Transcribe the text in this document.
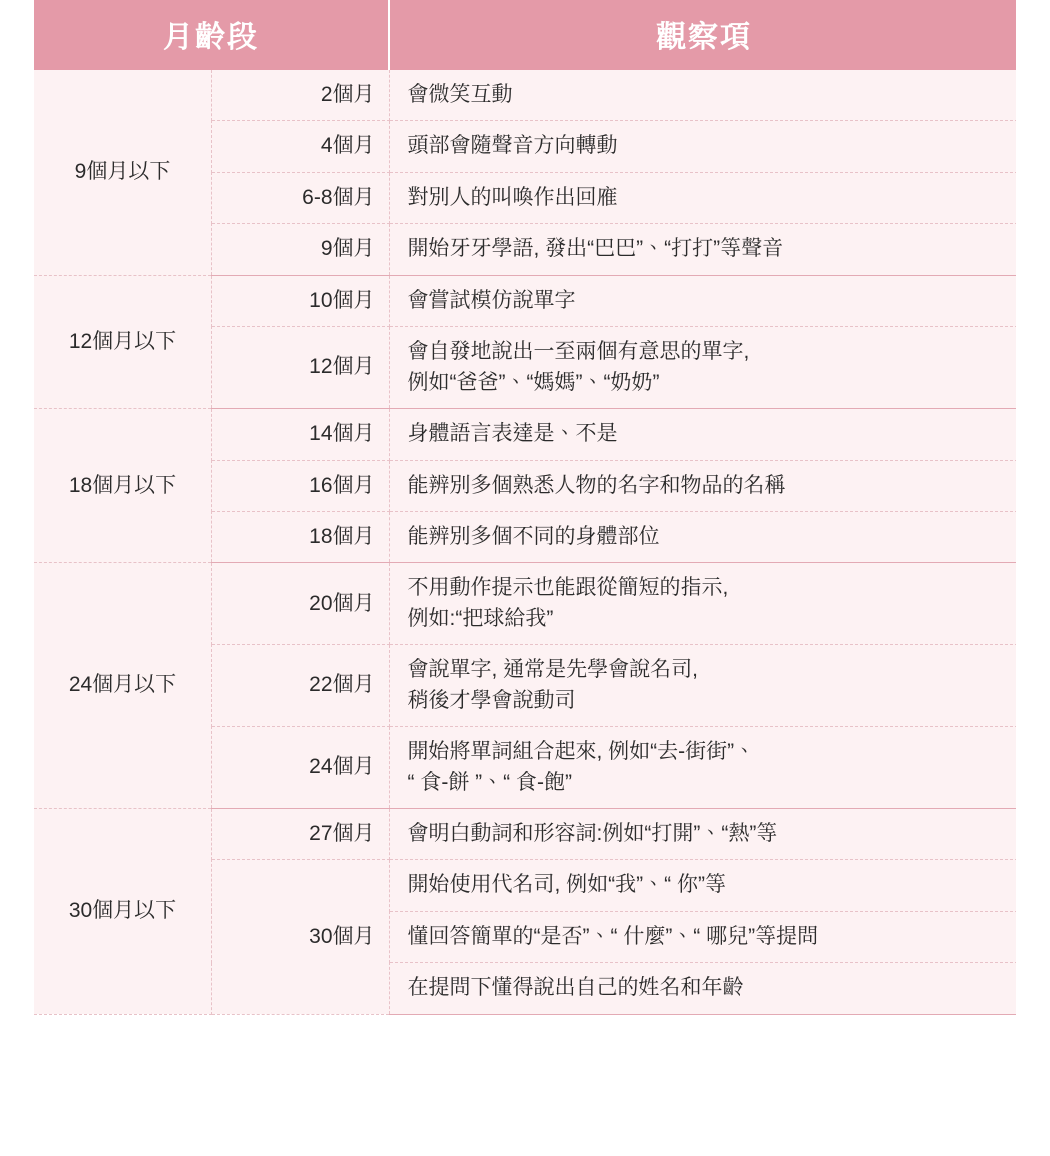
月齡段		觀察項
9個月以下	2個月	會微笑互動

	4個月	頭部會隨聲音方向轉動

	6-8個月	對別人的叫喚作出回䧹

	9個月	開始牙牙學語, 發出“巴巴”、“打打”等聲音

12個月以下	10個月	會嘗試模仿說單字

	12個月	會自發地說出一至兩個有意思的單字,
例如“爸爸”、“媽媽”、“奶奶”

18個月以下	14個月	身體語言表達是、不是

	16個月	能辨別多個熟悉人物的名字和物品的名稱

	18個月	能辨別多個不同的身體部位

24個月以下	20個月	不用動作提示也能跟從簡短的指示,
例如:“把球給我”

	22個月	會說單字, 通常是先學會說名司,
稍後才學會說動司

	24個月	開始將單詞組合起來, 例如“去-街街”、
“ 食-餅 ”、“ 食-飽”

30個月以下	27個月	會明白動詞和形容詞:例如“打開”、“熱”等

	30個月	開始使用代名司, 例如“我”、“ 你”等

		懂回答簡單的“是否”、“ 什麼”、“ 哪兒”等提問

		在提問下懂得說出自己的姓名和年齡
